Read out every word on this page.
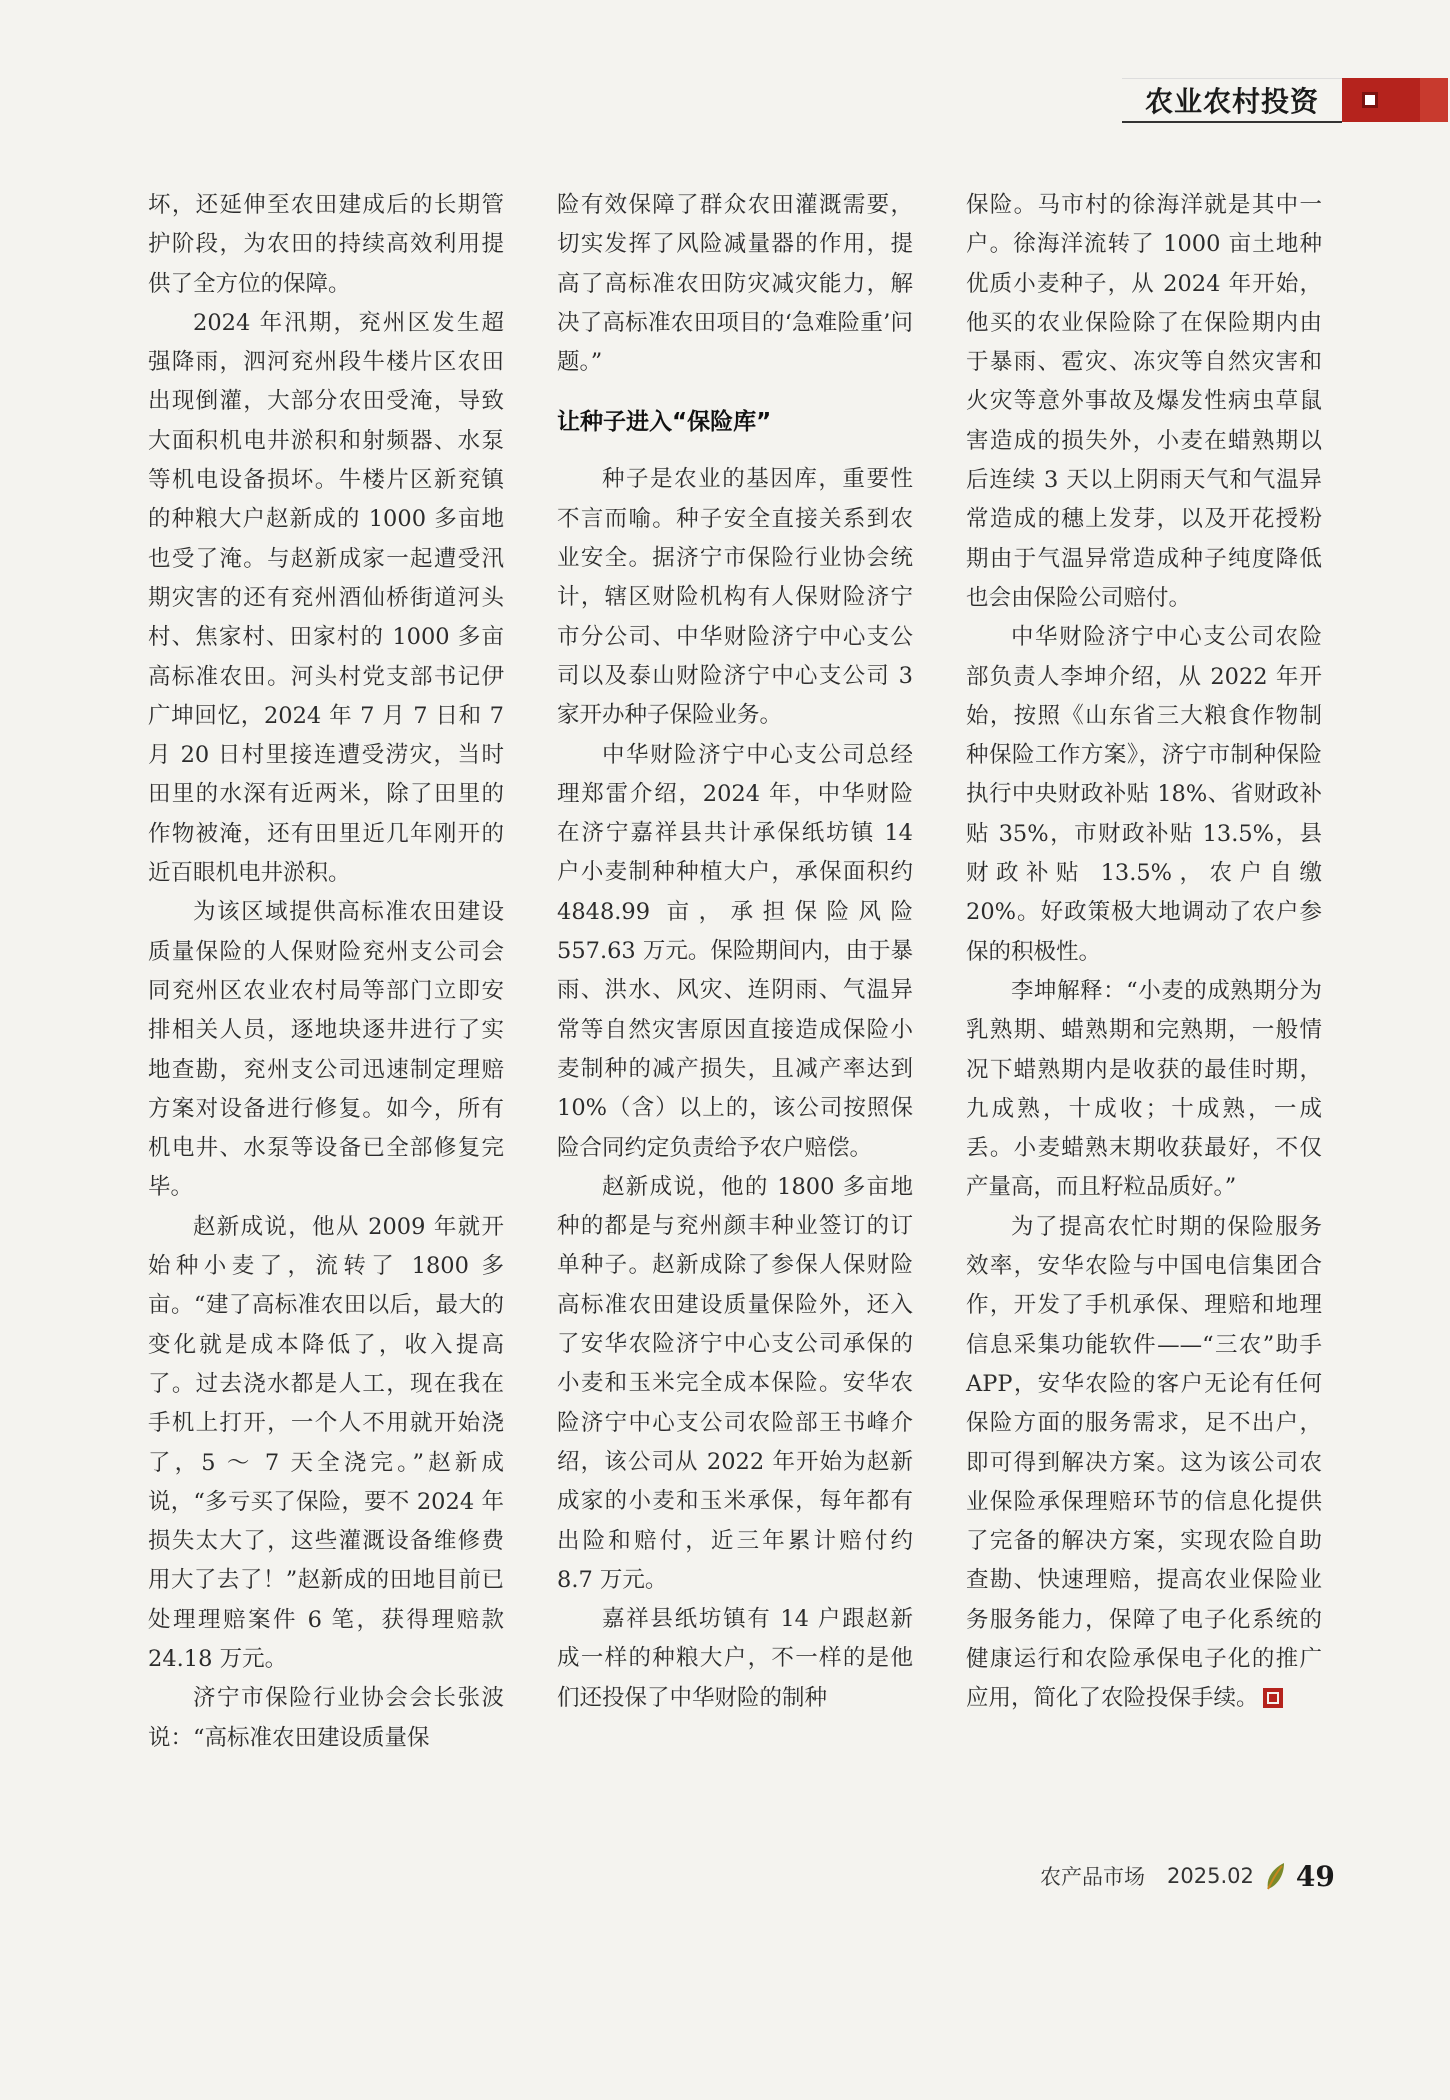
农业农村投资

坏，还延伸至农田建成后的长期管护阶段，为农田的持续高效利用提供了全方位的保障。

2024 年汛期，兖州区发生超强降雨，泗河兖州段牛楼片区农田出现倒灌，大部分农田受淹，导致大面积机电井淤积和射频器、水泵等机电设备损坏。牛楼片区新兖镇的种粮大户赵新成的 1000 多亩地也受了淹。与赵新成家一起遭受汛期灾害的还有兖州酒仙桥街道河头村、焦家村、田家村的 1000 多亩高标准农田。河头村党支部书记伊广坤回忆，2024 年 7 月 7 日和 7 月 20 日村里接连遭受涝灾，当时田里的水深有近两米，除了田里的作物被淹，还有田里近几年刚开的近百眼机电井淤积。

为该区域提供高标准农田建设质量保险的人保财险兖州支公司会同兖州区农业农村局等部门立即安排相关人员，逐地块逐井进行了实地查勘，兖州支公司迅速制定理赔方案对设备进行修复。如今，所有机电井、水泵等设备已全部修复完毕。

赵新成说，他从 2009 年就开始种小麦了，流转了 1800 多亩。“建了高标准农田以后，最大的变化就是成本降低了，收入提高了。过去浇水都是人工，现在我在手机上打开，一个人不用就开始浇了，5 ～ 7 天全浇完。”赵新成说，“多亏买了保险，要不 2024 年损失太大了，这些灌溉设备维修费用大了去了！”赵新成的田地目前已处理理赔案件 6 笔，获得理赔款 24.18 万元。

济宁市保险行业协会会长张波说：“高标准农田建设质量保

险有效保障了群众农田灌溉需要，切实发挥了风险减量器的作用，提高了高标准农田防灾减灾能力，解决了高标准农田项目的‘急难险重’问题。”

让种子进入“保险库”

种子是农业的基因库，重要性不言而喻。种子安全直接关系到农业安全。据济宁市保险行业协会统计，辖区财险机构有人保财险济宁市分公司、中华财险济宁中心支公司以及泰山财险济宁中心支公司 3 家开办种子保险业务。

中华财险济宁中心支公司总经理郑雷介绍，2024 年，中华财险在济宁嘉祥县共计承保纸坊镇 14 户小麦制种种植大户，承保面积约 4848.99 亩，承担保险风险 557.63 万元。保险期间内，由于暴雨、洪水、风灾、连阴雨、气温异常等自然灾害原因直接造成保险小麦制种的减产损失，且减产率达到 10%（含）以上的，该公司按照保险合同约定负责给予农户赔偿。

赵新成说，他的 1800 多亩地种的都是与兖州颜丰种业签订的订单种子。赵新成除了参保人保财险高标准农田建设质量保险外，还入了安华农险济宁中心支公司承保的小麦和玉米完全成本保险。安华农险济宁中心支公司农险部王书峰介绍，该公司从 2022 年开始为赵新成家的小麦和玉米承保，每年都有出险和赔付，近三年累计赔付约 8.7 万元。

嘉祥县纸坊镇有 14 户跟赵新成一样的种粮大户，不一样的是他们还投保了中华财险的制种

保险。马市村的徐海洋就是其中一户。徐海洋流转了 1000 亩土地种优质小麦种子，从 2024 年开始，他买的农业保险除了在保险期内由于暴雨、雹灾、冻灾等自然灾害和火灾等意外事故及爆发性病虫草鼠害造成的损失外，小麦在蜡熟期以后连续 3 天以上阴雨天气和气温异常造成的穗上发芽，以及开花授粉期由于气温异常造成种子纯度降低也会由保险公司赔付。

中华财险济宁中心支公司农险部负责人李坤介绍，从 2022 年开始，按照《山东省三大粮食作物制种保险工作方案》，济宁市制种保险执行中央财政补贴 18%、省财政补贴 35%，市财政补贴 13.5%，县财政补贴 13.5%，农户自缴 20%。好政策极大地调动了农户参保的积极性。

李坤解释：“小麦的成熟期分为乳熟期、蜡熟期和完熟期，一般情况下蜡熟期内是收获的最佳时期，九成熟，十成收；十成熟，一成丢。小麦蜡熟末期收获最好，不仅产量高，而且籽粒品质好。”

为了提高农忙时期的保险服务效率，安华农险与中国电信集团合作，开发了手机承保、理赔和地理信息采集功能软件——“三农”助手 APP，安华农险的客户无论有任何保险方面的服务需求，足不出户，即可得到解决方案。这为该公司农业保险承保理赔环节的信息化提供了完备的解决方案，实现农险自助查勘、快速理赔，提高农业保险业务服务能力，保障了电子化系统的健康运行和农险承保电子化的推广应用，简化了农险投保手续。

农产品市场 2025.02 49
